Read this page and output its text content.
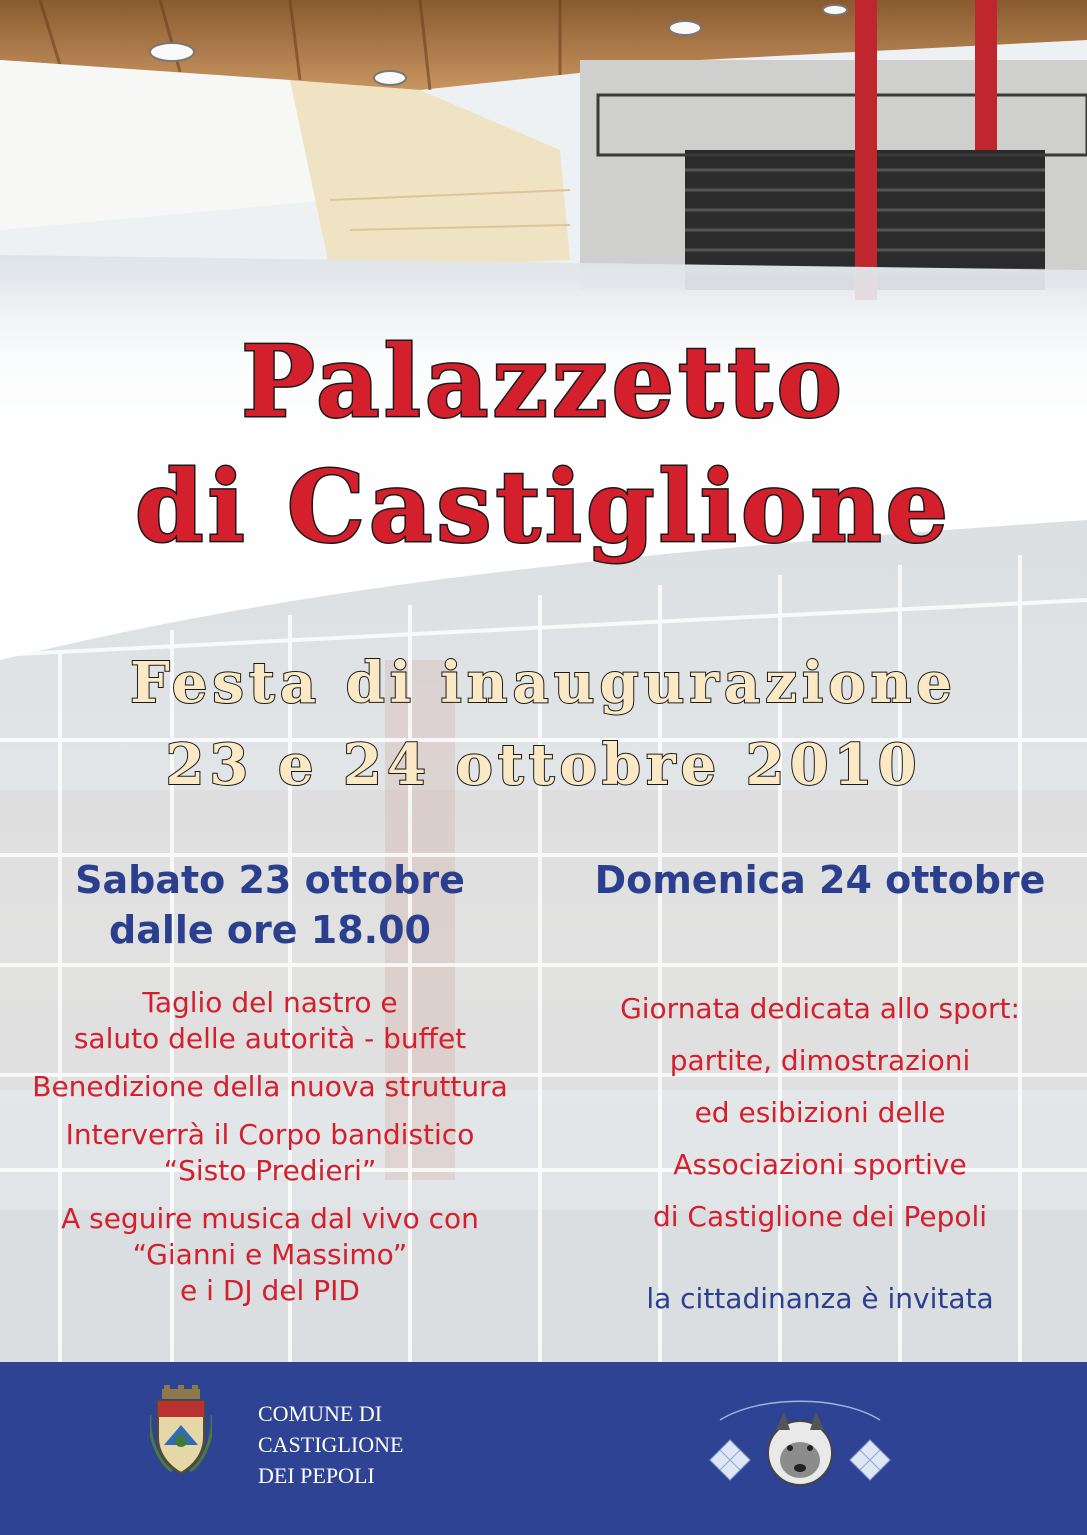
Palazzetto
di Castiglione
Festa di inaugurazione
23 e 24 ottobre 2010
Sabato 23 ottobre
dalle ore 18.00
Domenica 24 ottobre

Taglio del nastro e

saluto delle autorità - buffet

Benedizione della nuova struttura

Interverrà il Corpo bandistico

“Sisto Predieri”

A seguire musica dal vivo con

“Gianni e Massimo”

e i DJ del PID

Giornata dedicata allo sport:

partite, dimostrazioni

ed esibizioni delle

Associazioni sportive

di Castiglione dei Pepoli

la cittadinanza è invitata

COMUNE DI
CASTIGLIONE
DEI PEPOLI
